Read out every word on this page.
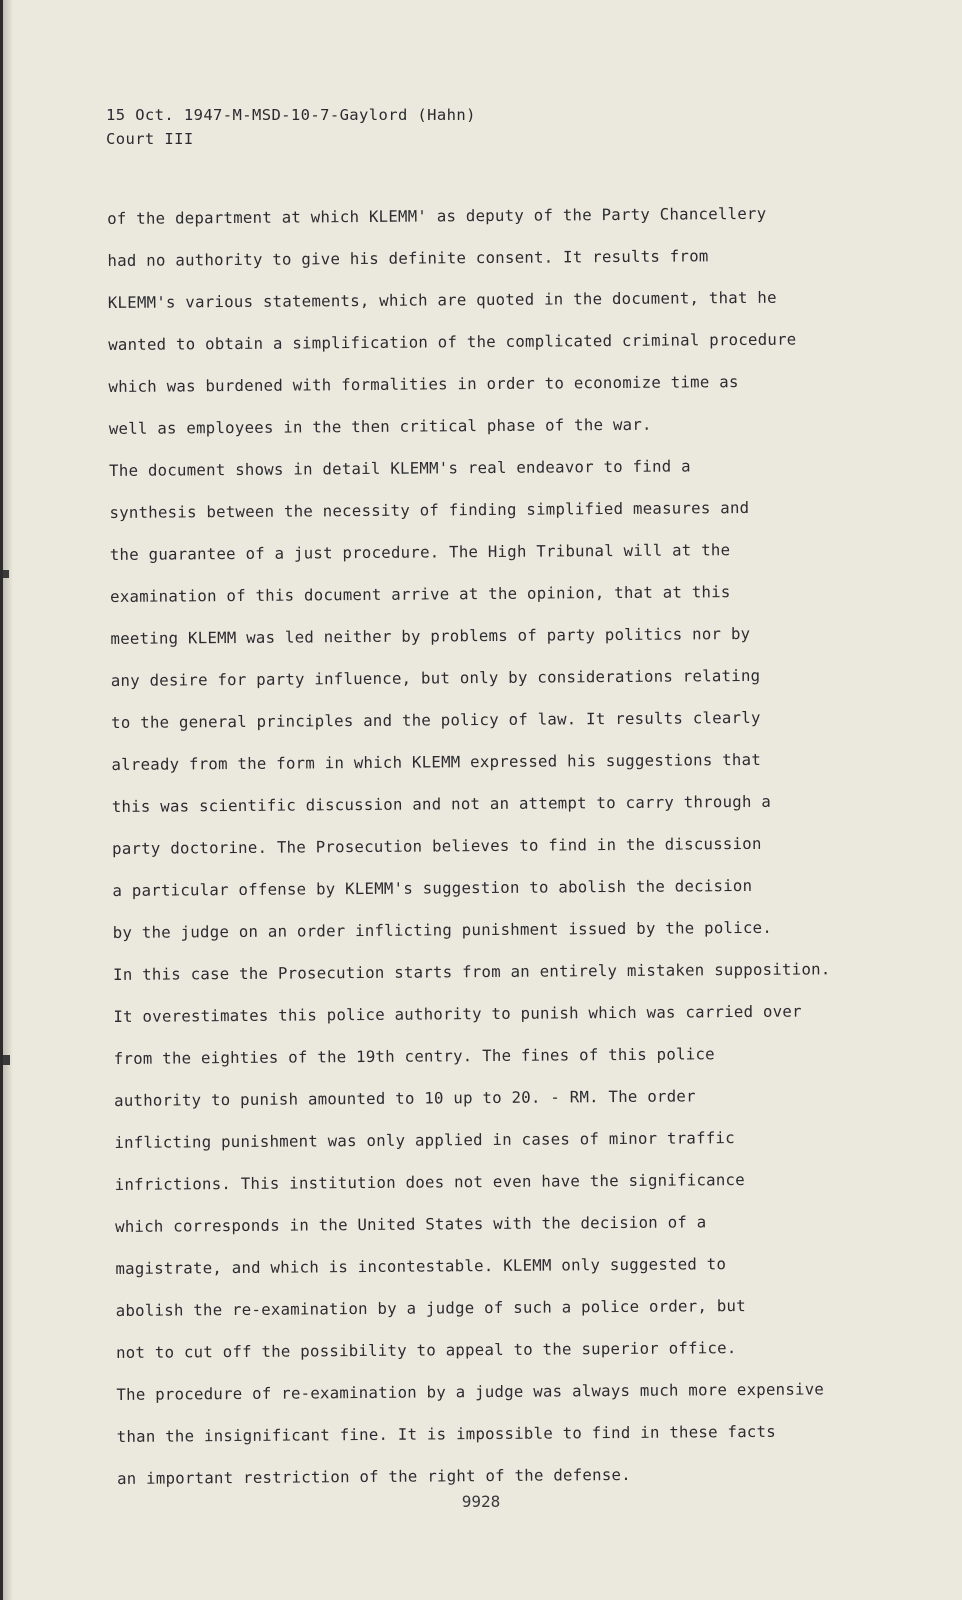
15 Oct. 1947-M-MSD-10-7-Gaylord (Hahn)
Court III
of the department at which KLEMM' as deputy of the Party Chancellery
had no authority to give his definite consent. It results from
KLEMM's various statements, which are quoted in the document, that he
wanted to obtain a simplification of the complicated criminal procedure
which was burdened with formalities in order to economize time as
well as employees in the then critical phase of the war.
The document shows in detail KLEMM's real endeavor to find a
synthesis between the necessity of finding simplified measures and
the guarantee of a just procedure. The High Tribunal will at the
examination of this document arrive at the opinion, that at this
meeting KLEMM was led neither by problems of party politics nor by
any desire for party influence, but only by considerations relating
to the general principles and the policy of law. It results clearly
already from the form in which KLEMM expressed his suggestions that
this was scientific discussion and not an attempt to carry through a
party doctorine. The Prosecution believes to find in the discussion
a particular offense by KLEMM's suggestion to abolish the decision
by the judge on an order inflicting punishment issued by the police.
In this case the Prosecution starts from an entirely mistaken supposition.
It overestimates this police authority to punish which was carried over
from the eighties of the 19th centry. The fines of this police
authority to punish amounted to 10 up to 20. - RM. The order
inflicting punishment was only applied in cases of minor traffic
infrictions. This institution does not even have the significance
which corresponds in the United States with the decision of a
magistrate, and which is incontestable. KLEMM only suggested to
abolish the re-examination by a judge of such a police order, but
not to cut off the possibility to appeal to the superior office.
The procedure of re-examination by a judge was always much more expensive
than the insignificant fine. It is impossible to find in these facts
an important restriction of the right of the defense.
9928
